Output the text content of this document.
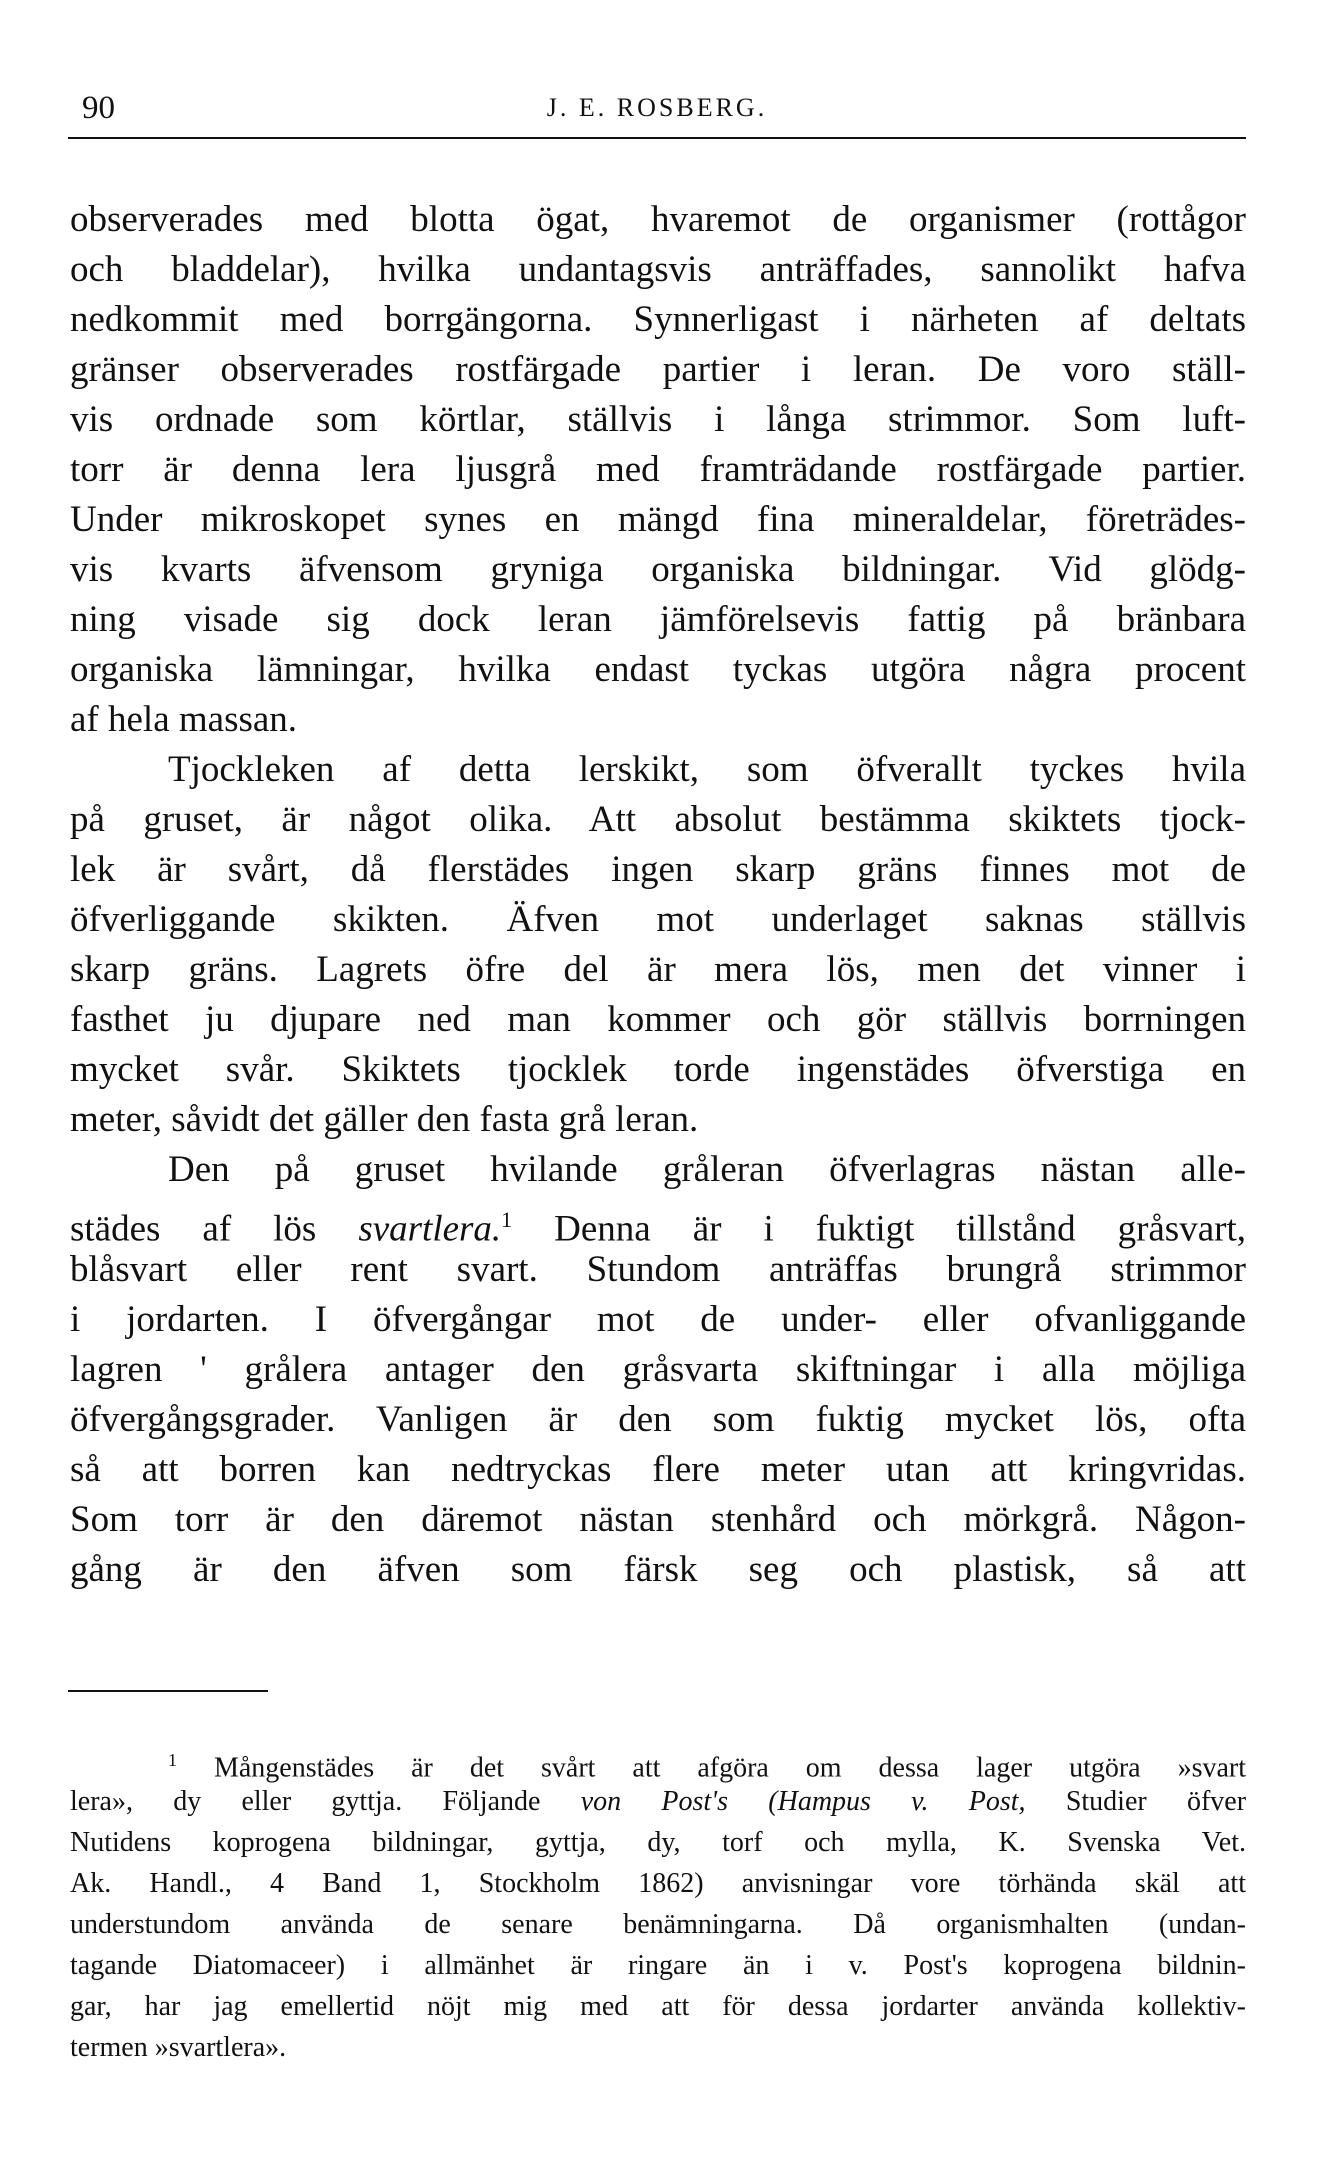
90	J. E. ROSBERG.
observerades med blotta ögat, hvaremot de organismer (rottågor
och bladdelar), hvilka undantagsvis anträffades, sannolikt hafva
nedkommit med borrgängorna. Synnerligast i närheten af deltats
gränser observerades rostfärgade partier i leran. De voro ställ-
vis ordnade som körtlar, ställvis i långa strimmor. Som luft-
torr är denna lera ljusgrå med framträdande rostfärgade partier.
Under mikroskopet synes en mängd fina mineraldelar, företrädes-
vis kvarts äfvensom gryniga organiska bildningar. Vid glödg-
ning visade sig dock leran jämförelsevis fattig på bränbara
organiska lämningar, hvilka endast tyckas utgöra några procent
af hela massan.
Tjockleken af detta lerskikt, som öfverallt tyckes hvila
på gruset, är något olika. Att absolut bestämma skiktets tjock-
lek är svårt, då flerstädes ingen skarp gräns finnes mot de
öfverliggande skikten. Äfven mot underlaget saknas ställvis
skarp gräns. Lagrets öfre del är mera lös, men det vinner i
fasthet ju djupare ned man kommer och gör ställvis borrningen
mycket svår. Skiktets tjocklek torde ingenstädes öfverstiga en
meter, såvidt det gäller den fasta grå leran.
Den på gruset hvilande gråleran öfverlagras nästan alle-
städes af lös svartlera.$^1$ Denna är i fuktigt tillstånd gråsvart,
blåsvart eller rent svart. Stundom anträffas brungrå strimmor
i jordarten. I öfvergångar mot de under- eller ofvanliggande
lagren ' grålera antager den gråsvarta skiftningar i alla möjliga
öfvergångsgrader. Vanligen är den som fuktig mycket lös, ofta
så att borren kan nedtryckas flere meter utan att kringvridas.
Som torr är den däremot nästan stenhård och mörkgrå. Någon-
gång är den äfven som färsk seg och plastisk, så att
$^1$ Mångenstädes är det svårt att afgöra om dessa lager utgöra »svart
lera», dy eller gyttja. Följande von Post's (Hampus v. Post, Studier öfver
Nutidens koprogena bildningar, gyttja, dy, torf och mylla, K. Svenska Vet.
Ak. Handl., 4 Band 1, Stockholm 1862) anvisningar vore törhända skäl att
understundom använda de senare benämningarna. Då organismhalten (undan-
tagande Diatomaceer) i allmänhet är ringare än i v. Post's koprogena bildnin-
gar, har jag emellertid nöjt mig med att för dessa jordarter använda kollektiv-
termen »svartlera».
